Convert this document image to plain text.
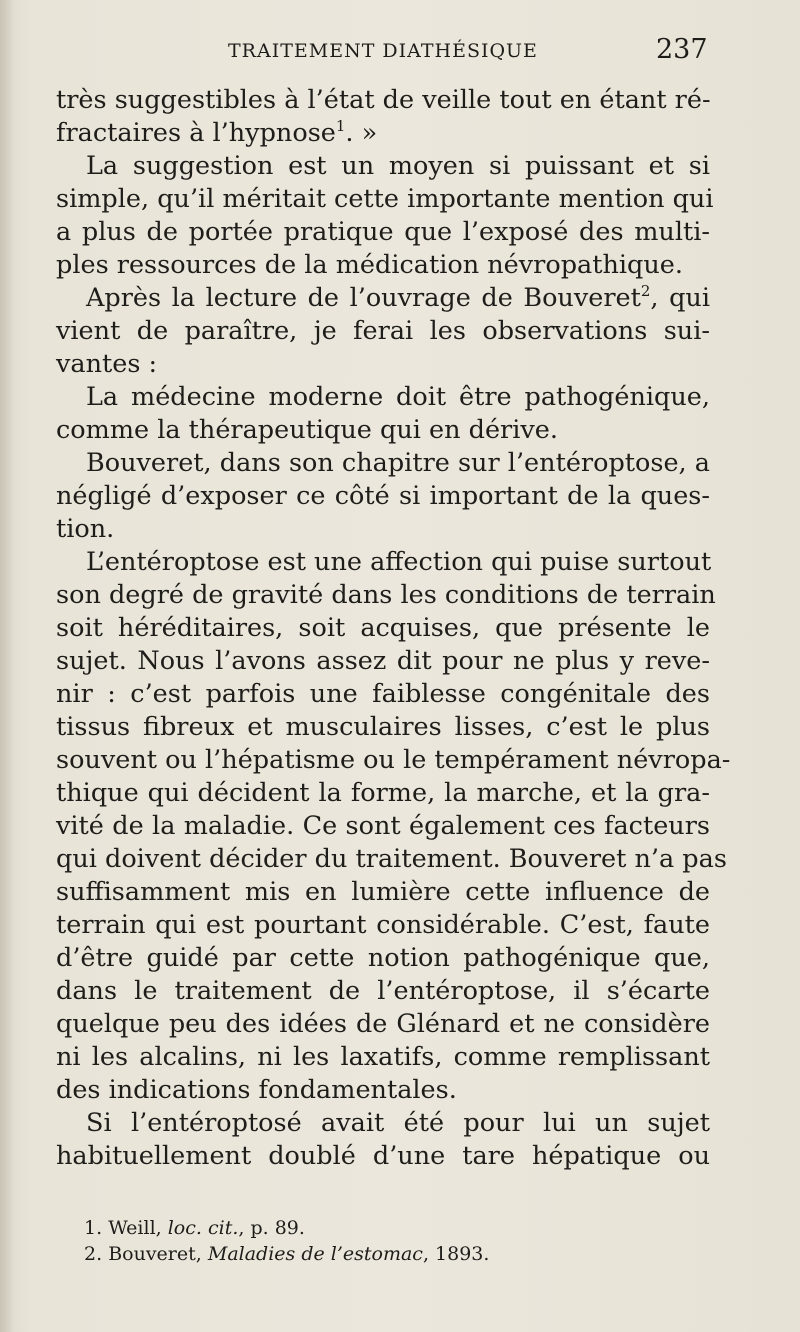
TRAITEMENT DIATHÉSIQUE	237
très suggestibles à l’état de veille tout en étant ré-
fractaires à l’hypnose$^1$. »
La suggestion est un moyen si puissant et si
simple, qu’il méritait cette importante mention qui
a plus de portée pratique que l’exposé des multi-
ples ressources de la médication névropathique.
Après la lecture de l’ouvrage de Bouveret$^2$, qui
vient de paraître, je ferai les observations sui-
vantes :
La médecine moderne doit être pathogénique,
comme la thérapeutique qui en dérive.
Bouveret, dans son chapitre sur l’entéroptose, a
négligé d’exposer ce côté si important de la ques-
tion.
L’entéroptose est une affection qui puise surtout
son degré de gravité dans les conditions de terrain
soit héréditaires, soit acquises, que présente le
sujet. Nous l’avons assez dit pour ne plus y reve-
nir : c’est parfois une faiblesse congénitale des
tissus fibreux et musculaires lisses, c’est le plus
souvent ou l’hépatisme ou le tempérament névropa-
thique qui décident la forme, la marche, et la gra-
vité de la maladie. Ce sont également ces facteurs
qui doivent décider du traitement. Bouveret n’a pas
suffisamment mis en lumière cette influence de
terrain qui est pourtant considérable. C’est, faute
d’être guidé par cette notion pathogénique que,
dans le traitement de l’entéroptose, il s’écarte
quelque peu des idées de Glénard et ne considère
ni les alcalins, ni les laxatifs, comme remplissant
des indications fondamentales.
Si l’entéroptosé avait été pour lui un sujet
habituellement doublé d’une tare hépatique ou
1. Weill, loc. cit., p. 89.
2. Bouveret, Maladies de l’estomac, 1893.
